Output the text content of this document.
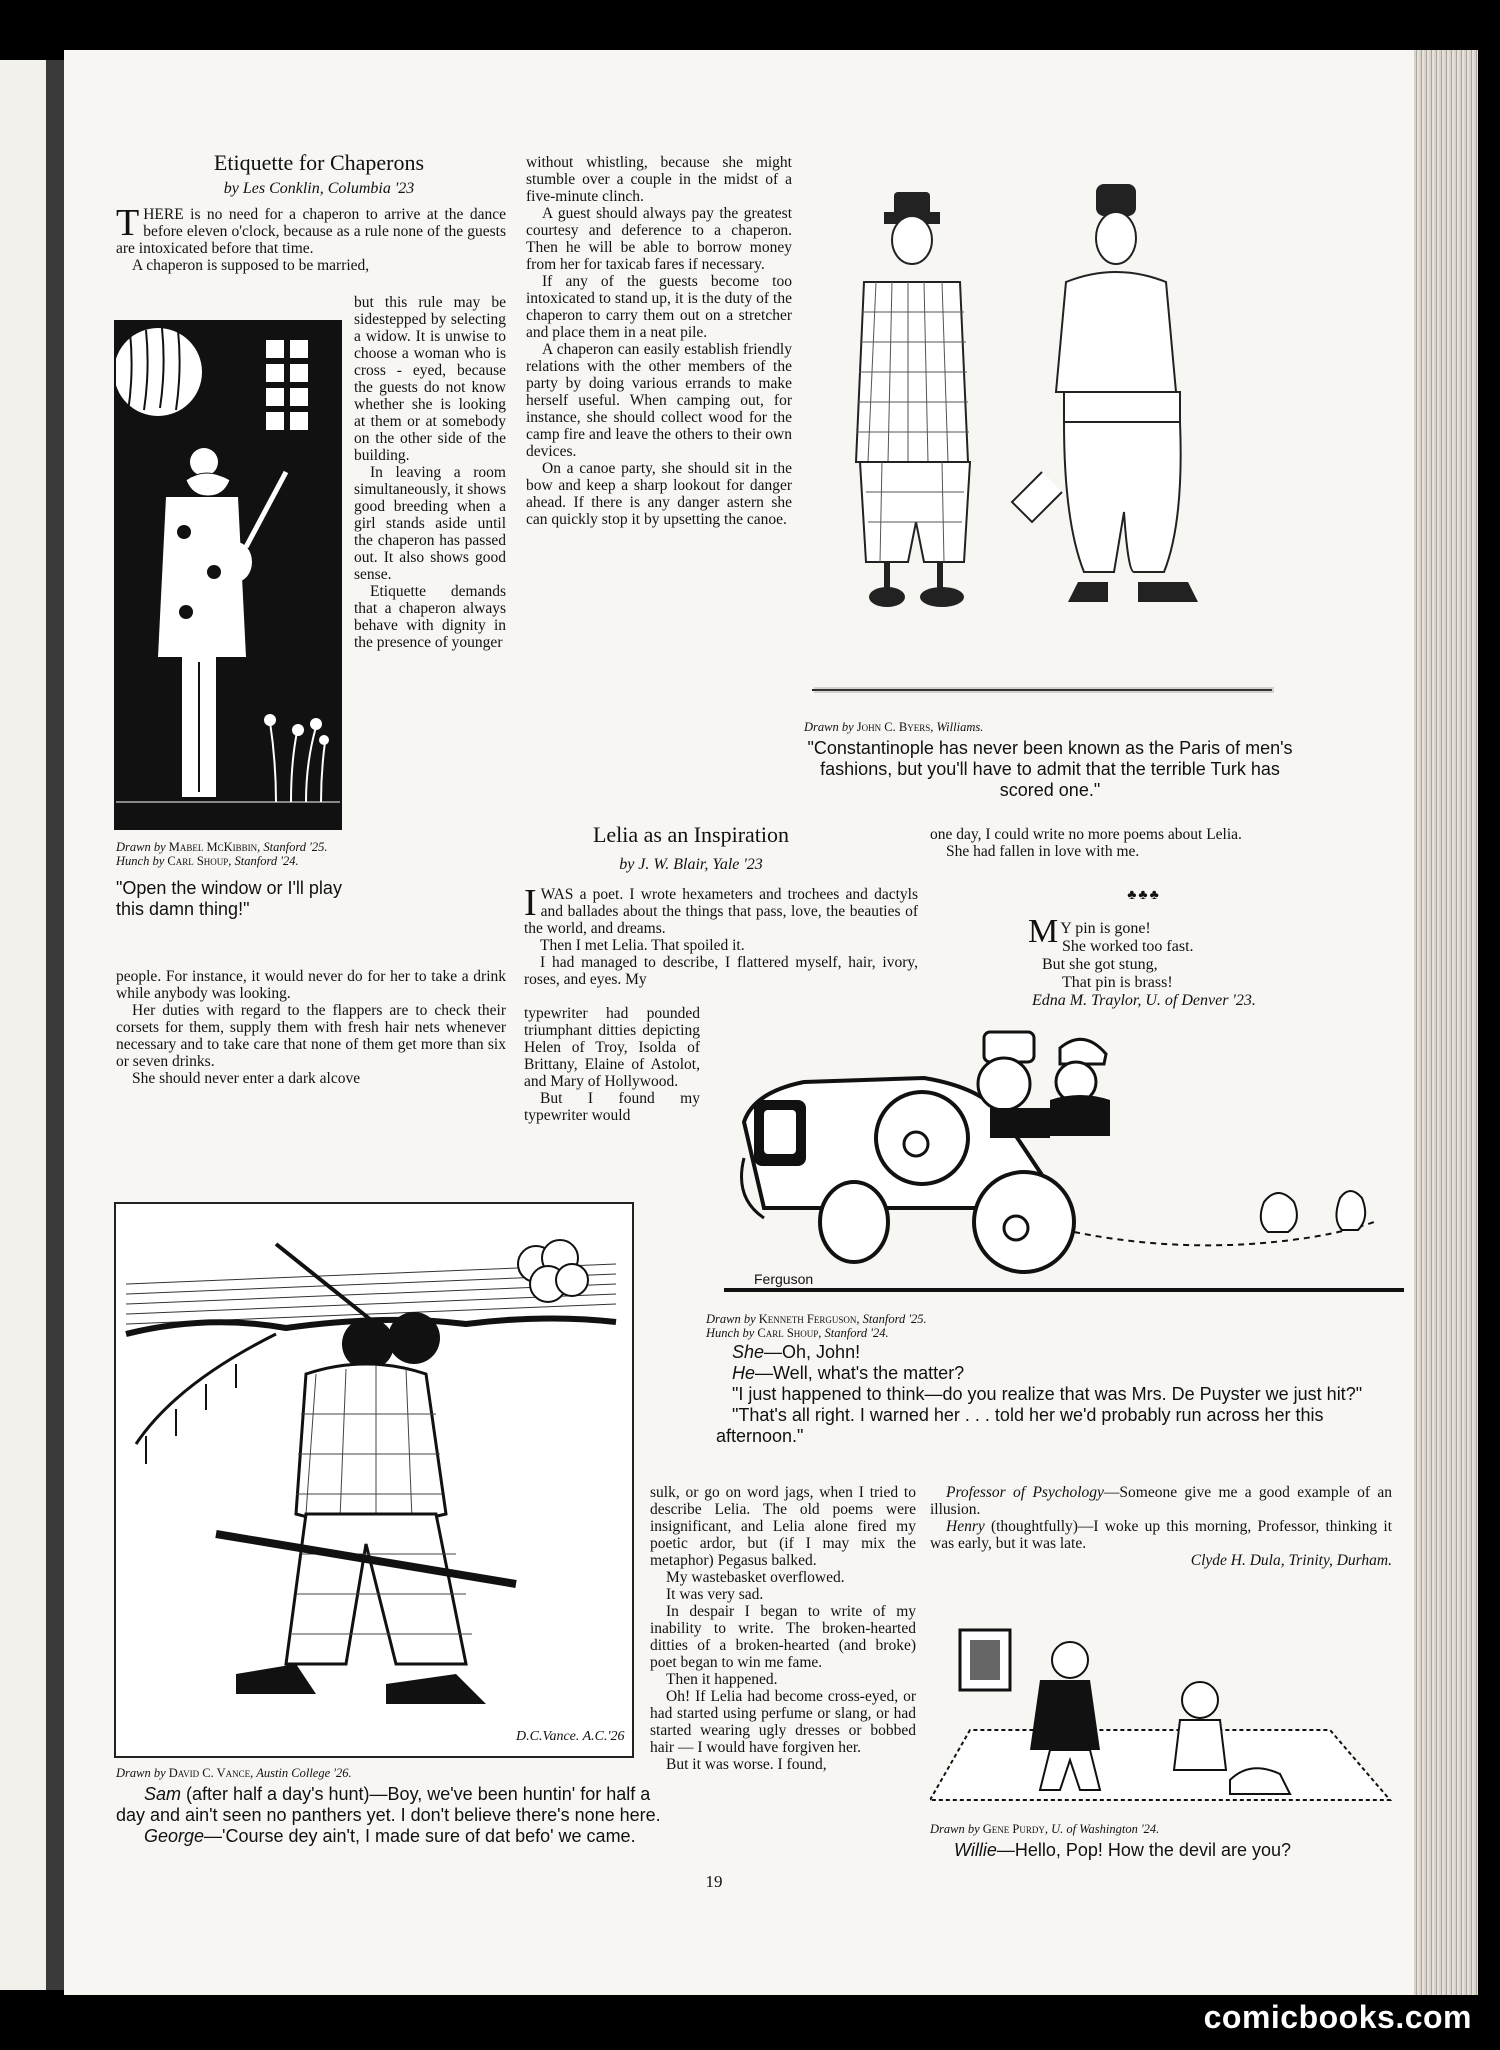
Etiquette for Chaperons
by Les Conklin, Columbia '23

THERE is no need for a chaperon to arrive at the dance before eleven o'clock, because as a rule none of the guests are intoxicated before that time.

A chaperon is supposed to be married,

but this rule may be sidestepped by selecting a widow. It is unwise to choose a woman who is cross - eyed, because the guests do not know whether she is looking at them or at somebody on the other side of the building.

In leaving a room simultaneously, it shows good breeding when a girl stands aside until the chaperon has passed out. It also shows good sense.

Etiquette demands that a chaperon always behave with dignity in the presence of younger

Drawn by Mabel McKibbin, Stanford '25.
Hunch by Carl Shoup, Stanford '24.
"Open the window or I'll play this damn thing!"

people. For instance, it would never do for her to take a drink while anybody was looking.

Her duties with regard to the flappers are to check their corsets for them, supply them with fresh hair nets whenever necessary and to take care that none of them get more than six or seven drinks.

She should never enter a dark alcove

without whistling, because she might stumble over a couple in the midst of a five-minute clinch.

A guest should always pay the greatest courtesy and deference to a chaperon. Then he will be able to borrow money from her for taxicab fares if necessary.

If any of the guests become too intoxicated to stand up, it is the duty of the chaperon to carry them out on a stretcher and place them in a neat pile.

A chaperon can easily establish friendly relations with the other members of the party by doing various errands to make herself useful. When camping out, for instance, she should collect wood for the camp fire and leave the others to their own devices.

On a canoe party, she should sit in the bow and keep a sharp lookout for danger ahead. If there is any danger astern she can quickly stop it by upsetting the canoe.

Drawn by John C. Byers, Williams.
"Constantinople has never been known as the Paris of men's fashions, but you'll have to admit that the terrible Turk has scored one."
Lelia as an Inspiration
by J. W. Blair, Yale '23

IWAS a poet. I wrote hexameters and trochees and dactyls and ballades about the things that pass, love, the beauties of the world, and dreams.

Then I met Lelia. That spoiled it.

I had managed to describe, I flattered myself, hair, ivory, roses, and eyes. My

typewriter had pounded triumphant ditties depicting Helen of Troy, Isolda of Brittany, Elaine of Astolot, and Mary of Hollywood.

But I found my typewriter would

one day, I could write no more poems about Lelia.

She had fallen in love with me.

♣♣♣
M Y pin is gone!
She worked too fast.
But she got stung,
That pin is brass!
Edna M. Traylor, U. of Denver '23.
Ferguson
Drawn by Kenneth Ferguson, Stanford '25.
Hunch by Carl Shoup, Stanford '24.
She—Oh, John!
He—Well, what's the matter?
"I just happened to think—do you realize that was Mrs. De Puyster we just hit?"
"That's all right. I warned her . . . told her we'd probably run across her this afternoon."
D.C.Vance. A.C.'26
Drawn by David C. Vance, Austin College '26.
Sam (after half a day's hunt)—Boy, we've been huntin' for half a day and ain't seen no panthers yet. I don't believe there's none here.
George—'Course dey ain't, I made sure of dat befo' we came.

sulk, or go on word jags, when I tried to describe Lelia. The old poems were insignificant, and Lelia alone fired my poetic ardor, but (if I may mix the metaphor) Pegasus balked.

My wastebasket overflowed.

It was very sad.

In despair I began to write of my inability to write. The broken-hearted ditties of a broken-hearted (and broke) poet began to win me fame.

Then it happened.

Oh! If Lelia had become cross-eyed, or had started using perfume or slang, or had started wearing ugly dresses or bobbed hair — I would have forgiven her.

But it was worse. I found,

Professor of Psychology—Someone give me a good example of an illusion.

Henry (thoughtfully)—I woke up this morning, Professor, thinking it was early, but it was late.

Clyde H. Dula, Trinity, Durham.

Drawn by Gene Purdy, U. of Washington '24.
Willie—Hello, Pop! How the devil are you?
19
comicbooks.com
